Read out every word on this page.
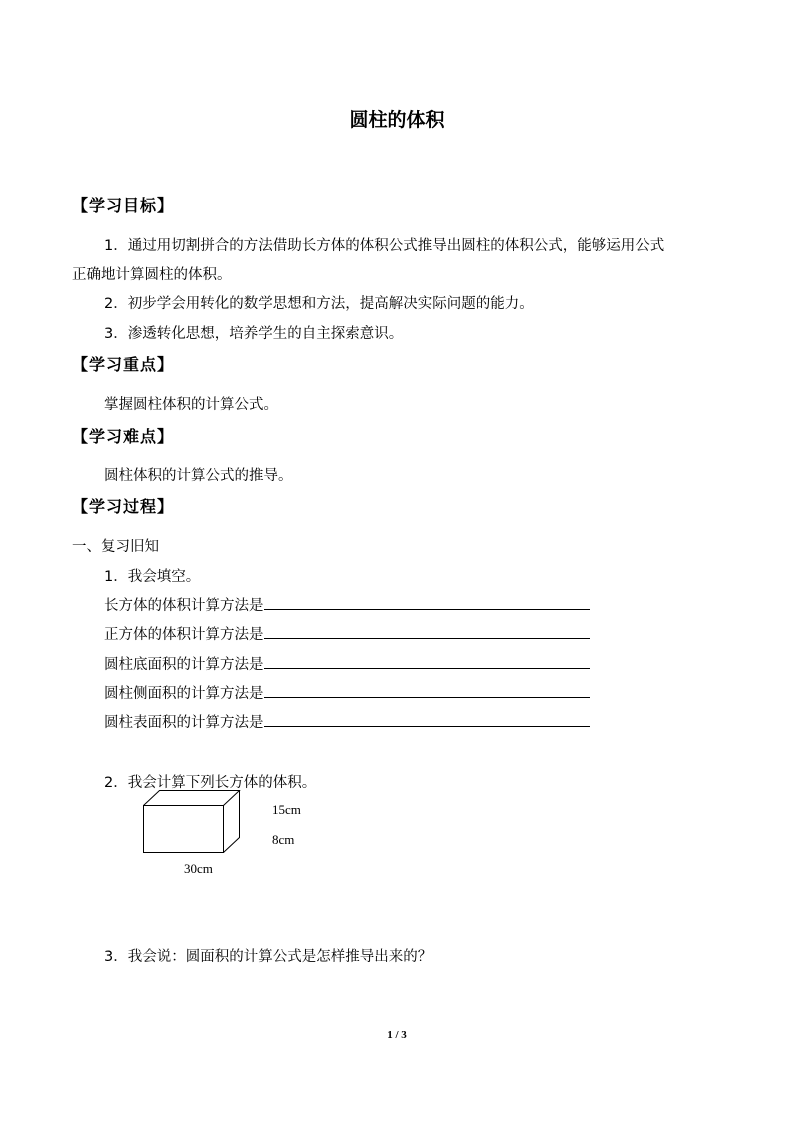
圆柱的体积
【学习目标】
1．通过用切割拼合的方法借助长方体的体积公式推导出圆柱的体积公式，能够运用公式
正确地计算圆柱的体积。
2．初步学会用转化的数学思想和方法，提高解决实际问题的能力。
3．渗透转化思想，培养学生的自主探索意识。
【学习重点】
掌握圆柱体积的计算公式。
【学习难点】
圆柱体积的计算公式的推导。
【学习过程】
一、复习旧知
1．我会填空。
长方体的体积计算方法是
正方体的体积计算方法是
圆柱底面积的计算方法是
圆柱侧面积的计算方法是
圆柱表面积的计算方法是
2．我会计算下列长方体的体积。
15cm
8cm
30cm
3．我会说：圆面积的计算公式是怎样推导出来的？
1 / 3
